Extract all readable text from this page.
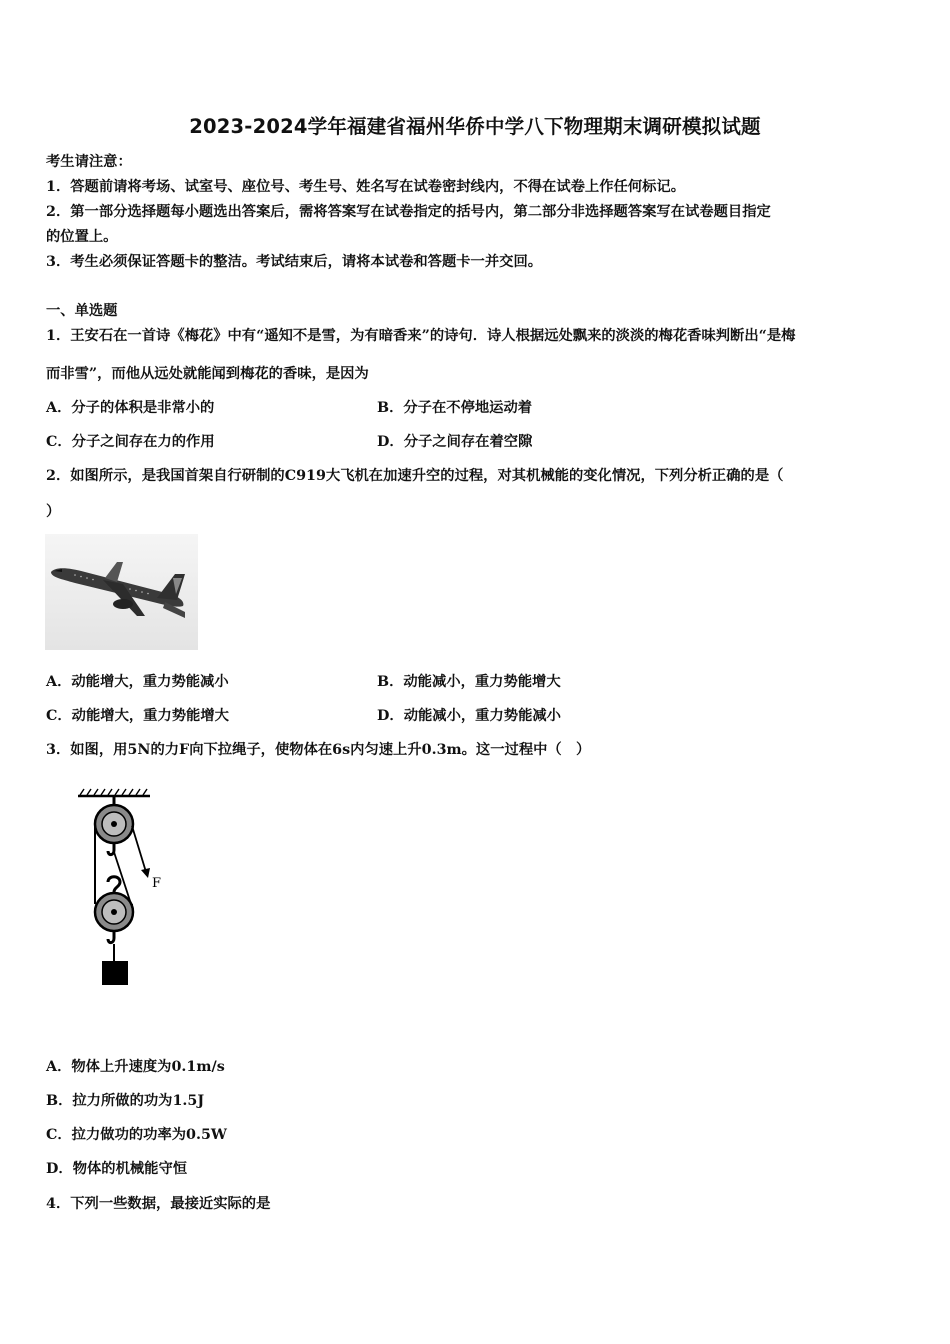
2023-2024学年福建省福州华侨中学八下物理期末调研模拟试题
考生请注意：
1．答题前请将考场、试室号、座位号、考生号、姓名写在试卷密封线内，不得在试卷上作任何标记。
2．第一部分选择题每小题选出答案后，需将答案写在试卷指定的括号内，第二部分非选择题答案写在试卷题目指定
的位置上。
3．考生必须保证答题卡的整洁。考试结束后，请将本试卷和答题卡一并交回。
一、单选题
1．王安石在一首诗《梅花》中有“遥知不是雪，为有暗香来”的诗句．诗人根据远处飘来的淡淡的梅花香味判断出“是梅
而非雪”，而他从远处就能闻到梅花的香味，是因为
A．分子的体积是非常小的	B．分子在不停地运动着
C．分子之间存在力的作用	D．分子之间存在着空隙
2．如图所示，是我国首架自行研制的C919大飞机在加速升空的过程，对其机械能的变化情况，下列分析正确的是（
）
A．动能增大，重力势能减小	B．动能减小，重力势能增大
C．动能增大，重力势能增大	D．动能减小，重力势能减小
3．如图，用5N的力F向下拉绳子，使物体在6s内匀速上升0.3m。这一过程中（　）
F
A．物体上升速度为0.1m/s
B．拉力所做的功为1.5J
C．拉力做功的功率为0.5W
D．物体的机械能守恒
4．下列一些数据，最接近实际的是
